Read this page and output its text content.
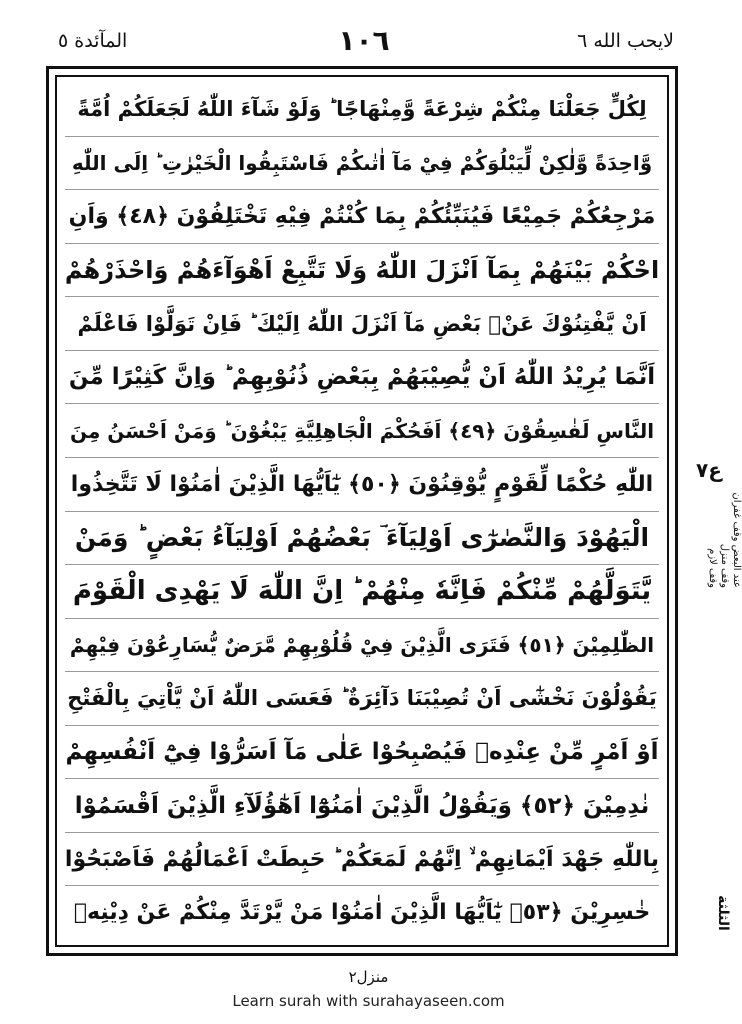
المآئدة ٥	١٠٦	لايحب الله ٦
لِكُلٍّ جَعَلْنَا مِنْكُمْ شِرْعَةً وَّمِنْهَاجًا ؕ وَلَوْ شَآءَ اللّٰهُ لَجَعَلَكُمْ اُمَّةً
وَّاحِدَةً وَّلٰكِنْ لِّيَبْلُوَكُمْ فِيْ مَآ اٰتٰىكُمْ فَاسْتَبِقُوا الْخَيْرٰتِ ؕ اِلَى اللّٰهِ
مَرْجِعُكُمْ جَمِيْعًا فَيُنَبِّئُكُمْ بِمَا كُنْتُمْ فِيْهِ تَخْتَلِفُوْنَ ﴿٤٨﴾ وَاَنِ
احْكُمْ بَيْنَهُمْ بِمَآ اَنْزَلَ اللّٰهُ وَلَا تَتَّبِعْ اَهْوَآءَهُمْ وَاحْذَرْهُمْ
اَنْ يَّفْتِنُوْكَ عَنْۢ بَعْضِ مَآ اَنْزَلَ اللّٰهُ اِلَيْكَ ؕ فَاِنْ تَوَلَّوْا فَاعْلَمْ
اَنَّمَا يُرِيْدُ اللّٰهُ اَنْ يُّصِيْبَهُمْ بِبَعْضِ ذُنُوْبِهِمْ ؕ وَاِنَّ كَثِيْرًا مِّنَ
النَّاسِ لَفٰسِقُوْنَ ﴿٤٩﴾ اَفَحُكْمَ الْجَاهِلِيَّةِ يَبْغُوْنَ ؕ وَمَنْ اَحْسَنُ مِنَ
اللّٰهِ حُكْمًا لِّقَوْمٍ يُّوْقِنُوْنَ ﴿٥٠﴾ يٰٓاَيُّهَا الَّذِيْنَ اٰمَنُوْا لَا تَتَّخِذُوا
الْيَهُوْدَ وَالنَّصٰرٰٓى اَوْلِيَآءَ ؔ بَعْضُهُمْ اَوْلِيَآءُ بَعْضٍ ؕ وَمَنْ
يَّتَوَلَّهُمْ مِّنْكُمْ فَاِنَّهٗ مِنْهُمْ ؕ اِنَّ اللّٰهَ لَا يَهْدِى الْقَوْمَ
الظّٰلِمِيْنَ ﴿٥١﴾ فَتَرَى الَّذِيْنَ فِيْ قُلُوْبِهِمْ مَّرَضٌ يُّسَارِعُوْنَ فِيْهِمْ
يَقُوْلُوْنَ نَخْشٰٓى اَنْ تُصِيْبَنَا دَآئِرَةٌ ؕ فَعَسَى اللّٰهُ اَنْ يَّاْتِيَ بِالْفَتْحِ
اَوْ اَمْرٍ مِّنْ عِنْدِهٖ فَيُصْبِحُوْا عَلٰى مَآ اَسَرُّوْا فِيْٓ اَنْفُسِهِمْ
نٰدِمِيْنَ ﴿٥٢﴾ وَيَقُوْلُ الَّذِيْنَ اٰمَنُوْٓا اَهٰٓؤُلَآءِ الَّذِيْنَ اَقْسَمُوْا
بِاللّٰهِ جَهْدَ اَيْمَانِهِمْ ۙ اِنَّهُمْ لَمَعَكُمْ ؕ حَبِطَتْ اَعْمَالُهُمْ فَاَصْبَحُوْا
خٰسِرِيْنَ ﴿٥٣﴾ يٰٓاَيُّهَا الَّذِيْنَ اٰمَنُوْا مَنْ يَّرْتَدَّ مِنْكُمْ عَنْ دِيْنِهٖ
ع٧
وقف لازم وقف منزل عند البعض وقف غفران
الثلثة
منزل٢
Learn surah with surahayaseen.com
